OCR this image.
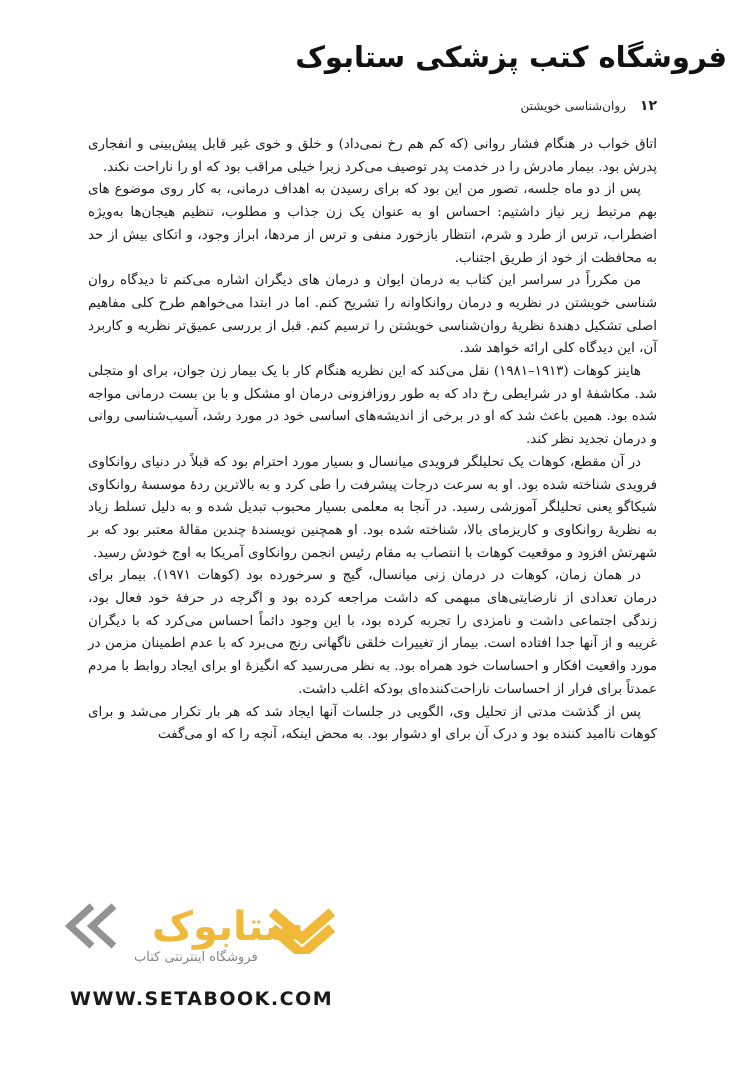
فروشگاه کتب پزشکی ستابوک
۱۲
روان‌شناسی خویشتن

اتاق خواب در هنگام فشار روانی (که کم هم رخ نمی‌داد) و خلق و خوی غیر قابل پیش‌بینی و انفجاری پدرش بود. بیمار مادرش را در خدمت پدر توصیف می‌کرد زیرا خیلی مراقب بود که او را ناراحت نکند.

پس از دو ماه جلسه، تصور من این بود که برای رسیدن به اهداف درمانی، به کار روی موضوع های بهم مرتبط زیر نیاز داشتیم: احساس او به عنوان یک زن جذاب و مطلوب، تنظیم هیجان‌ها به‌ویژه اضطراب، ترس از طرد و شرم، انتظار بازخورد منفی و ترس از مردها، ابراز وجود، و اتکای بیش از حد به محافظت از خود از طریق اجتناب.

من مکرراً در سراسر این کتاب به درمان ایوان و درمان های دیگران اشاره می‌کنم تا دیدگاه روان شناسی خویشتن در نظریه و درمان روانکاوانه را تشریح کنم. اما در ابتدا می‌خواهم طرح کلی مفاهیم اصلی تشکیل دهندهٔ نظریهٔ روان‌شناسی خویشتن را ترسیم کنم. قبل از بررسی عمیق‌تر نظریه و کاربرد آن، این دیدگاه کلی ارائه خواهد شد.

هاینز کوهات (۱۹۱۳–۱۹۸۱) نقل می‌کند که این نظریه هنگام کار با یک بیمار زن جوان، برای او متجلی شد. مکاشفهٔ او در شرایطی رخ داد که به طور روزافزونی درمان او مشکل و با بن بست درمانی مواجه شده بود. همین باعث شد که او در برخی از اندیشه‌های اساسی خود در مورد رشد، آسیب‌شناسی روانی و درمان تجدید نظر کند.

در آن مقطع، کوهات یک تحلیلگر فرویدی میانسال و بسیار مورد احترام بود که قبلاً در دنیای روانکاوی فرویدی شناخته شده بود. او به سرعت درجات پیشرفت را طی کرد و به بالاترین ردهٔ موسسهٔ روانکاوی شیکاگو یعنی تحلیلگر آموزشی رسید. در آنجا به معلمی بسیار محبوب تبدیل شده و به دلیل تسلط زیاد به نظریهٔ روانکاوی و کاریزمای بالا، شناخته شده بود. او همچنین نویسندهٔ چندین مقالهٔ معتبر بود که بر شهرتش افزود و موقعیت کوهات با انتصاب به مقام رئیس انجمن روانکاوی آمریکا به اوج خودش رسید.

در همان زمان، کوهات در درمان زنی میانسال، گیج و سرخورده بود (کوهات ۱۹۷۱). بیمار برای درمان تعدادی از نارضایتی‌های مبهمی که داشت مراجعه کرده بود و اگرچه در حرفهٔ خود فعال بود، زندگی اجتماعی داشت و نامزدی را تجربه کرده بود، با این وجود دائماً احساس می‌کرد که با دیگران غریبه و از آنها جدا افتاده است. بیمار از تغییرات خلقی ناگهانی رنج می‌برد که با عدم اطمینان مزمن در مورد واقعیت افکار و احساسات خود همراه بود. به نظر می‌رسید که انگیزهٔ او برای ایجاد روابط با مردم عمدتاً برای فرار از احساسات ناراحت‌کننده‌ای بودکه اغلب داشت.

پس از گذشت مدتی از تحلیل وی، الگویی در جلسات آنها ایجاد شد که هر بار تکرار می‌شد و برای کوهات ناامید کننده بود و درک آن برای او دشوار بود. به محض اینکه، آنچه را که او می‌گفت

ستابوک
فروشگاه اینترنتی کتاب
WWW.SETABOOK.COM
